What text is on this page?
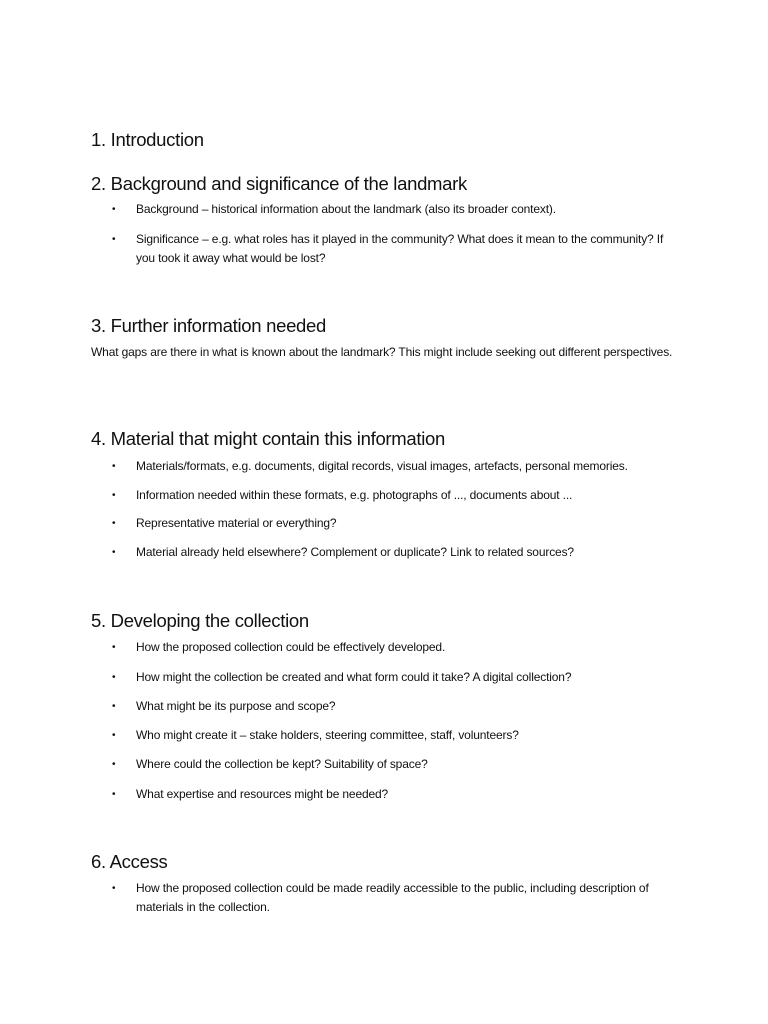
1. Introduction
2. Background and significance of the landmark
• Background – historical information about the landmark (also its broader context).
• Significance – e.g. what roles has it played in the community? What does it mean to the community? If you took it away what would be lost?
3. Further information needed

What gaps are there in what is known about the landmark? This might include seeking out different perspectives.

4. Material that might contain this information
• Materials/formats, e.g. documents, digital records, visual images, artefacts, personal memories.
• Information needed within these formats, e.g. photographs of ..., documents about ...
• Representative material or everything?
• Material already held elsewhere? Complement or duplicate? Link to related sources?
5. Developing the collection
• How the proposed collection could be effectively developed.
• How might the collection be created and what form could it take? A digital collection?
• What might be its purpose and scope?
• Who might create it – stake holders, steering committee, staff, volunteers?
• Where could the collection be kept? Suitability of space?
• What expertise and resources might be needed?
6. Access
• How the proposed collection could be made readily accessible to the public, including description of materials in the collection.
